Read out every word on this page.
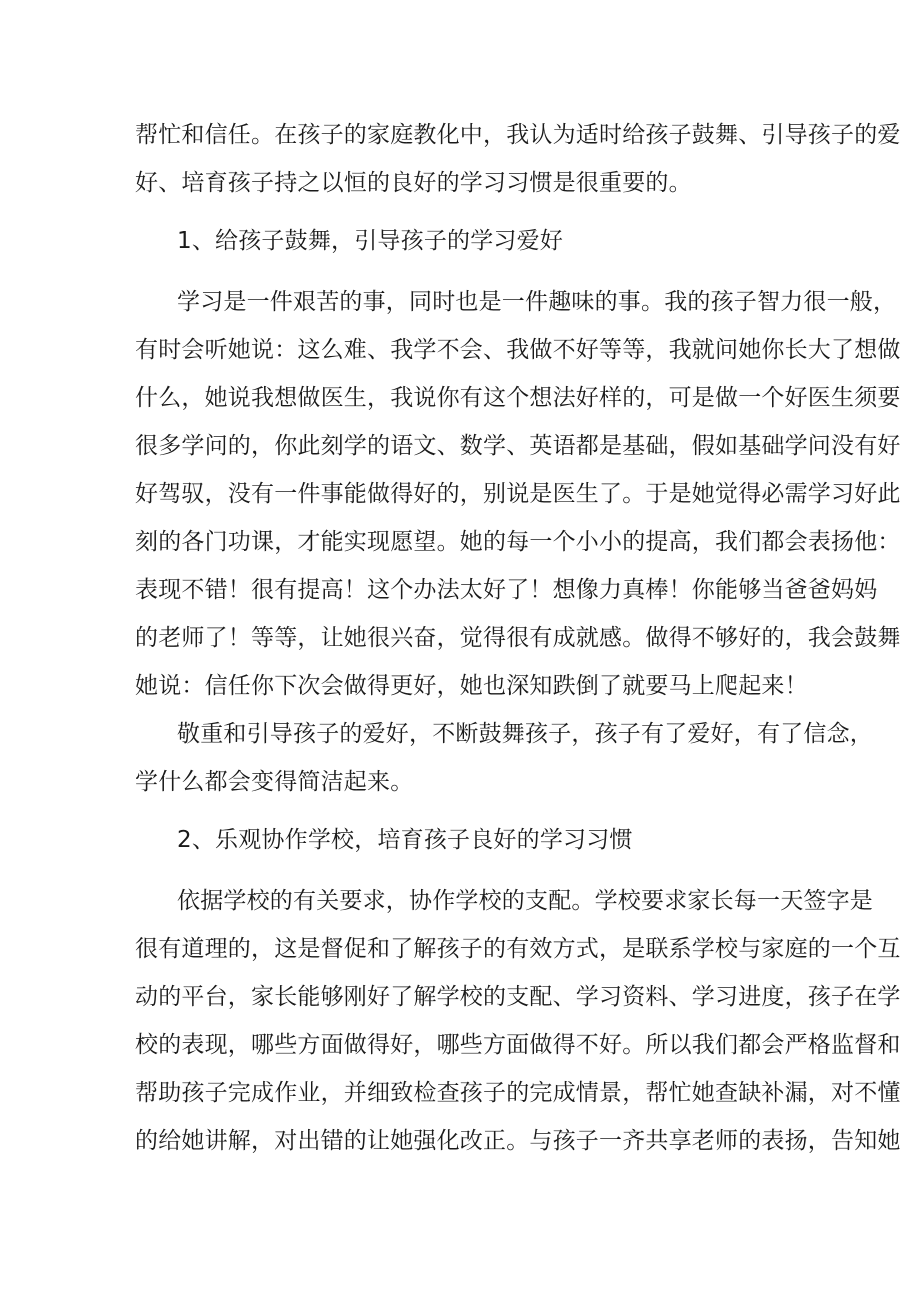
帮忙和信任。在孩子的家庭教化中，我认为适时给孩子鼓舞、引导孩子的爱
好、培育孩子持之以恒的良好的学习习惯是很重要的。
1、给孩子鼓舞，引导孩子的学习爱好
学习是一件艰苦的事，同时也是一件趣味的事。我的孩子智力很一般，
有时会听她说：这么难、我学不会、我做不好等等，我就问她你长大了想做
什么，她说我想做医生，我说你有这个想法好样的，可是做一个好医生须要
很多学问的，你此刻学的语文、数学、英语都是基础，假如基础学问没有好
好驾驭，没有一件事能做得好的，别说是医生了。于是她觉得必需学习好此
刻的各门功课，才能实现愿望。她的每一个小小的提高，我们都会表扬他：
表现不错！很有提高！这个办法太好了！想像力真棒！你能够当爸爸妈妈
的老师了！等等，让她很兴奋，觉得很有成就感。做得不够好的，我会鼓舞
她说：信任你下次会做得更好，她也深知跌倒了就要马上爬起来！
敬重和引导孩子的爱好，不断鼓舞孩子，孩子有了爱好，有了信念，
学什么都会变得简洁起来。
2、乐观协作学校，培育孩子良好的学习习惯
依据学校的有关要求，协作学校的支配。学校要求家长每一天签字是
很有道理的，这是督促和了解孩子的有效方式，是联系学校与家庭的一个互
动的平台，家长能够刚好了解学校的支配、学习资料、学习进度，孩子在学
校的表现，哪些方面做得好，哪些方面做得不好。所以我们都会严格监督和
帮助孩子完成作业，并细致检查孩子的完成情景，帮忙她查缺补漏，对不懂
的给她讲解，对出错的让她强化改正。与孩子一齐共享老师的表扬，告知她
